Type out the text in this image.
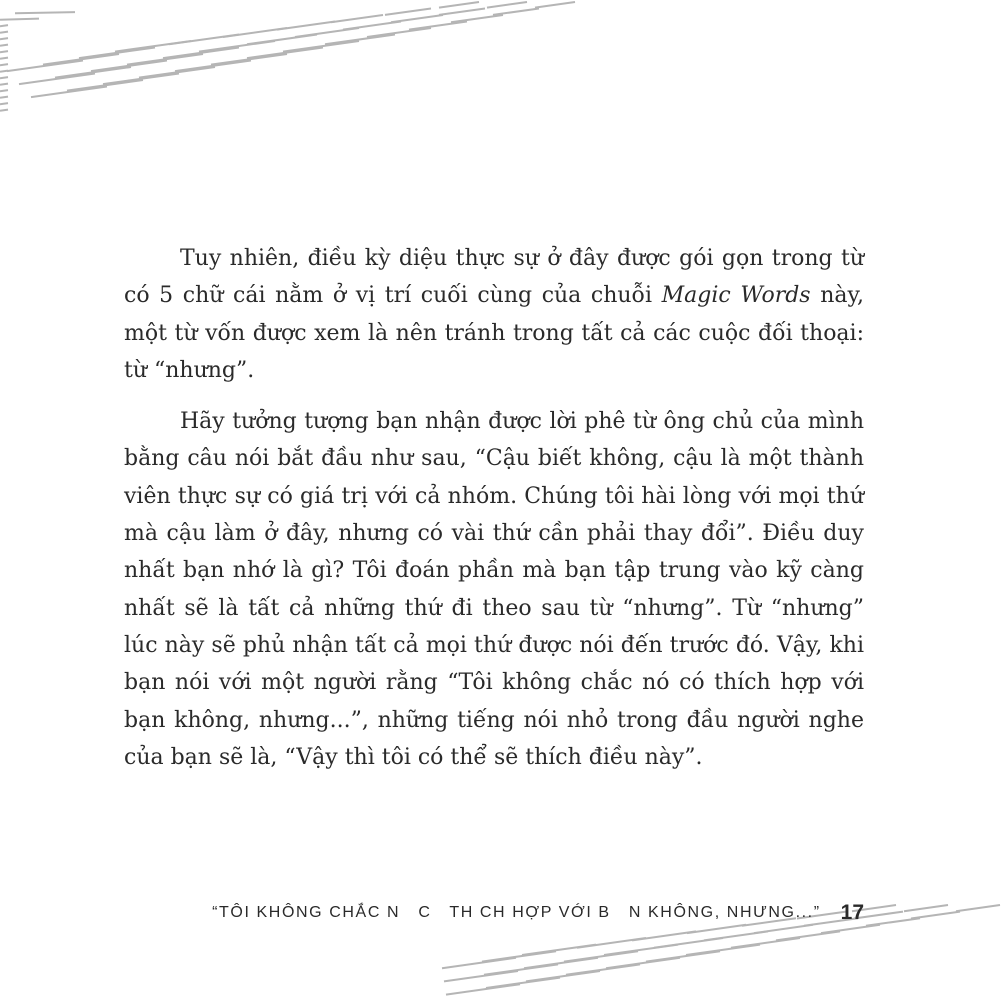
Tuy nhiên, điều kỳ diệu thực sự ở đây được gói gọn trong từ có 5 chữ cái nằm ở vị trí cuối cùng của chuỗi Magic Words này, một từ vốn được xem là nên tránh trong tất cả các cuộc đối thoại: từ “nhưng”.

Hãy tưởng tượng bạn nhận được lời phê từ ông chủ của mình bằng câu nói bắt đầu như sau, “Cậu biết không, cậu là một thành viên thực sự có giá trị với cả nhóm. Chúng tôi hài lòng với mọi thứ mà cậu làm ở đây, nhưng có vài thứ cần phải thay đổi”. Điều duy nhất bạn nhớ là gì? Tôi đoán phần mà bạn tập trung vào kỹ càng nhất sẽ là tất cả những thứ đi theo sau từ “nhưng”. Từ “nhưng” lúc này sẽ phủ nhận tất cả mọi thứ được nói đến trước đó. Vậy, khi bạn nói với một người rằng “Tôi không chắc nó có thích hợp với bạn không, nhưng...”, những tiếng nói nhỏ trong đầu người nghe của bạn sẽ là, “Vậy thì tôi có thể sẽ thích điều này”.

“TÔI KHÔNG CHẮC N   C   TH CH HỢP VỚI B   N KHÔNG, NHƯNG...” 17
